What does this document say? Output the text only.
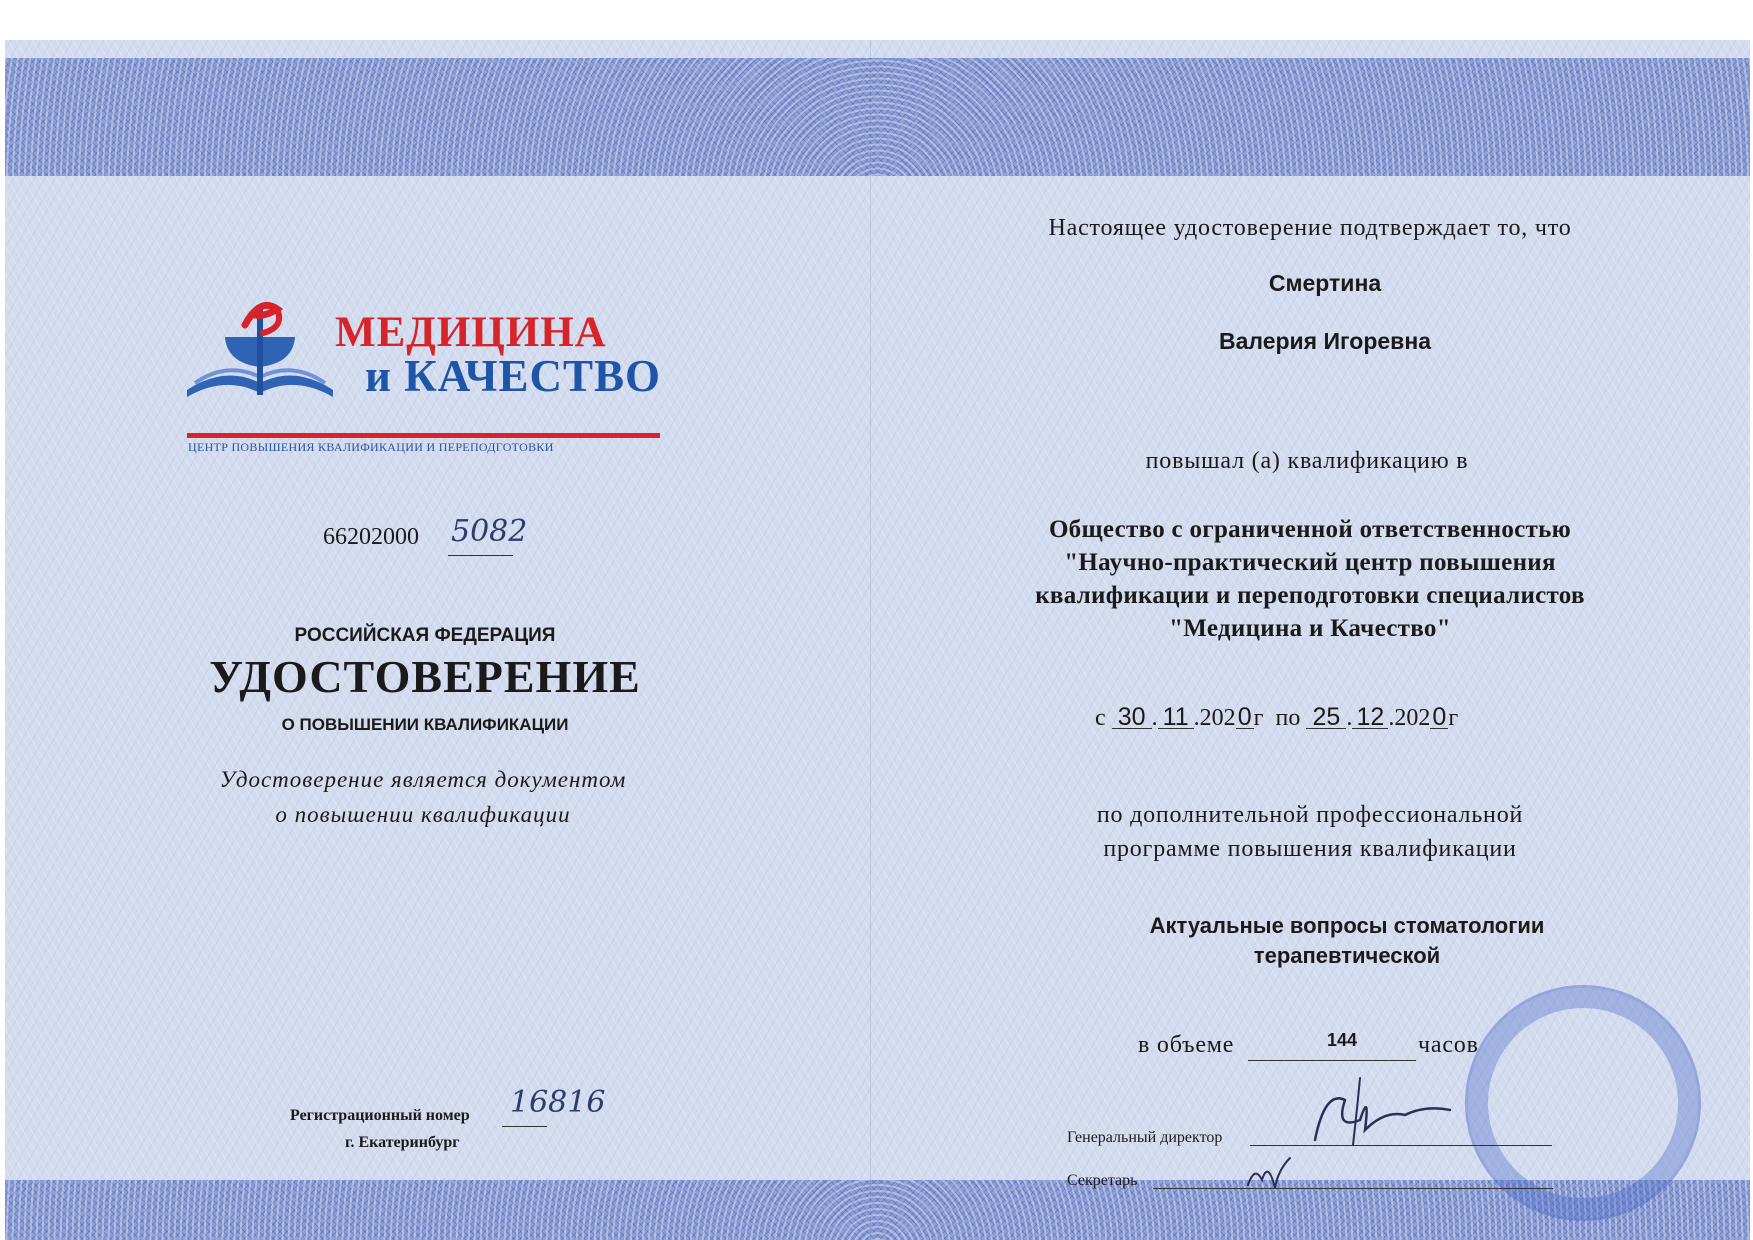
МЕДИЦИНА
и КАЧЕСТВО
ЦЕНТР ПОВЫШЕНИЯ КВАЛИФИКАЦИИ И ПЕРЕПОДГОТОВКИ
66202000 5082
РОССИЙСКАЯ ФЕДЕРАЦИЯ
УДОСТОВЕРЕНИЕ
О ПОВЫШЕНИИ КВАЛИФИКАЦИИ
Удостоверение является документом
о повышении квалификации
Регистрационный номер 16816
г. Екатеринбург
Настоящее удостоверение подтверждает то, что
Смертина
Валерия Игоревна
повышал (а) квалификацию в
Общество с ограниченной ответственностью "Научно-практический центр повышения квалификации и переподготовки специалистов "Медицина и Качество"
с 30 . 11 .2020г по 25 . 12 .2020г
по дополнительной профессиональной
программе повышения квалификации
Актуальные вопросы стоматологии
терапевтической
в объеме	144	часов
Генеральный директор
Секретарь
